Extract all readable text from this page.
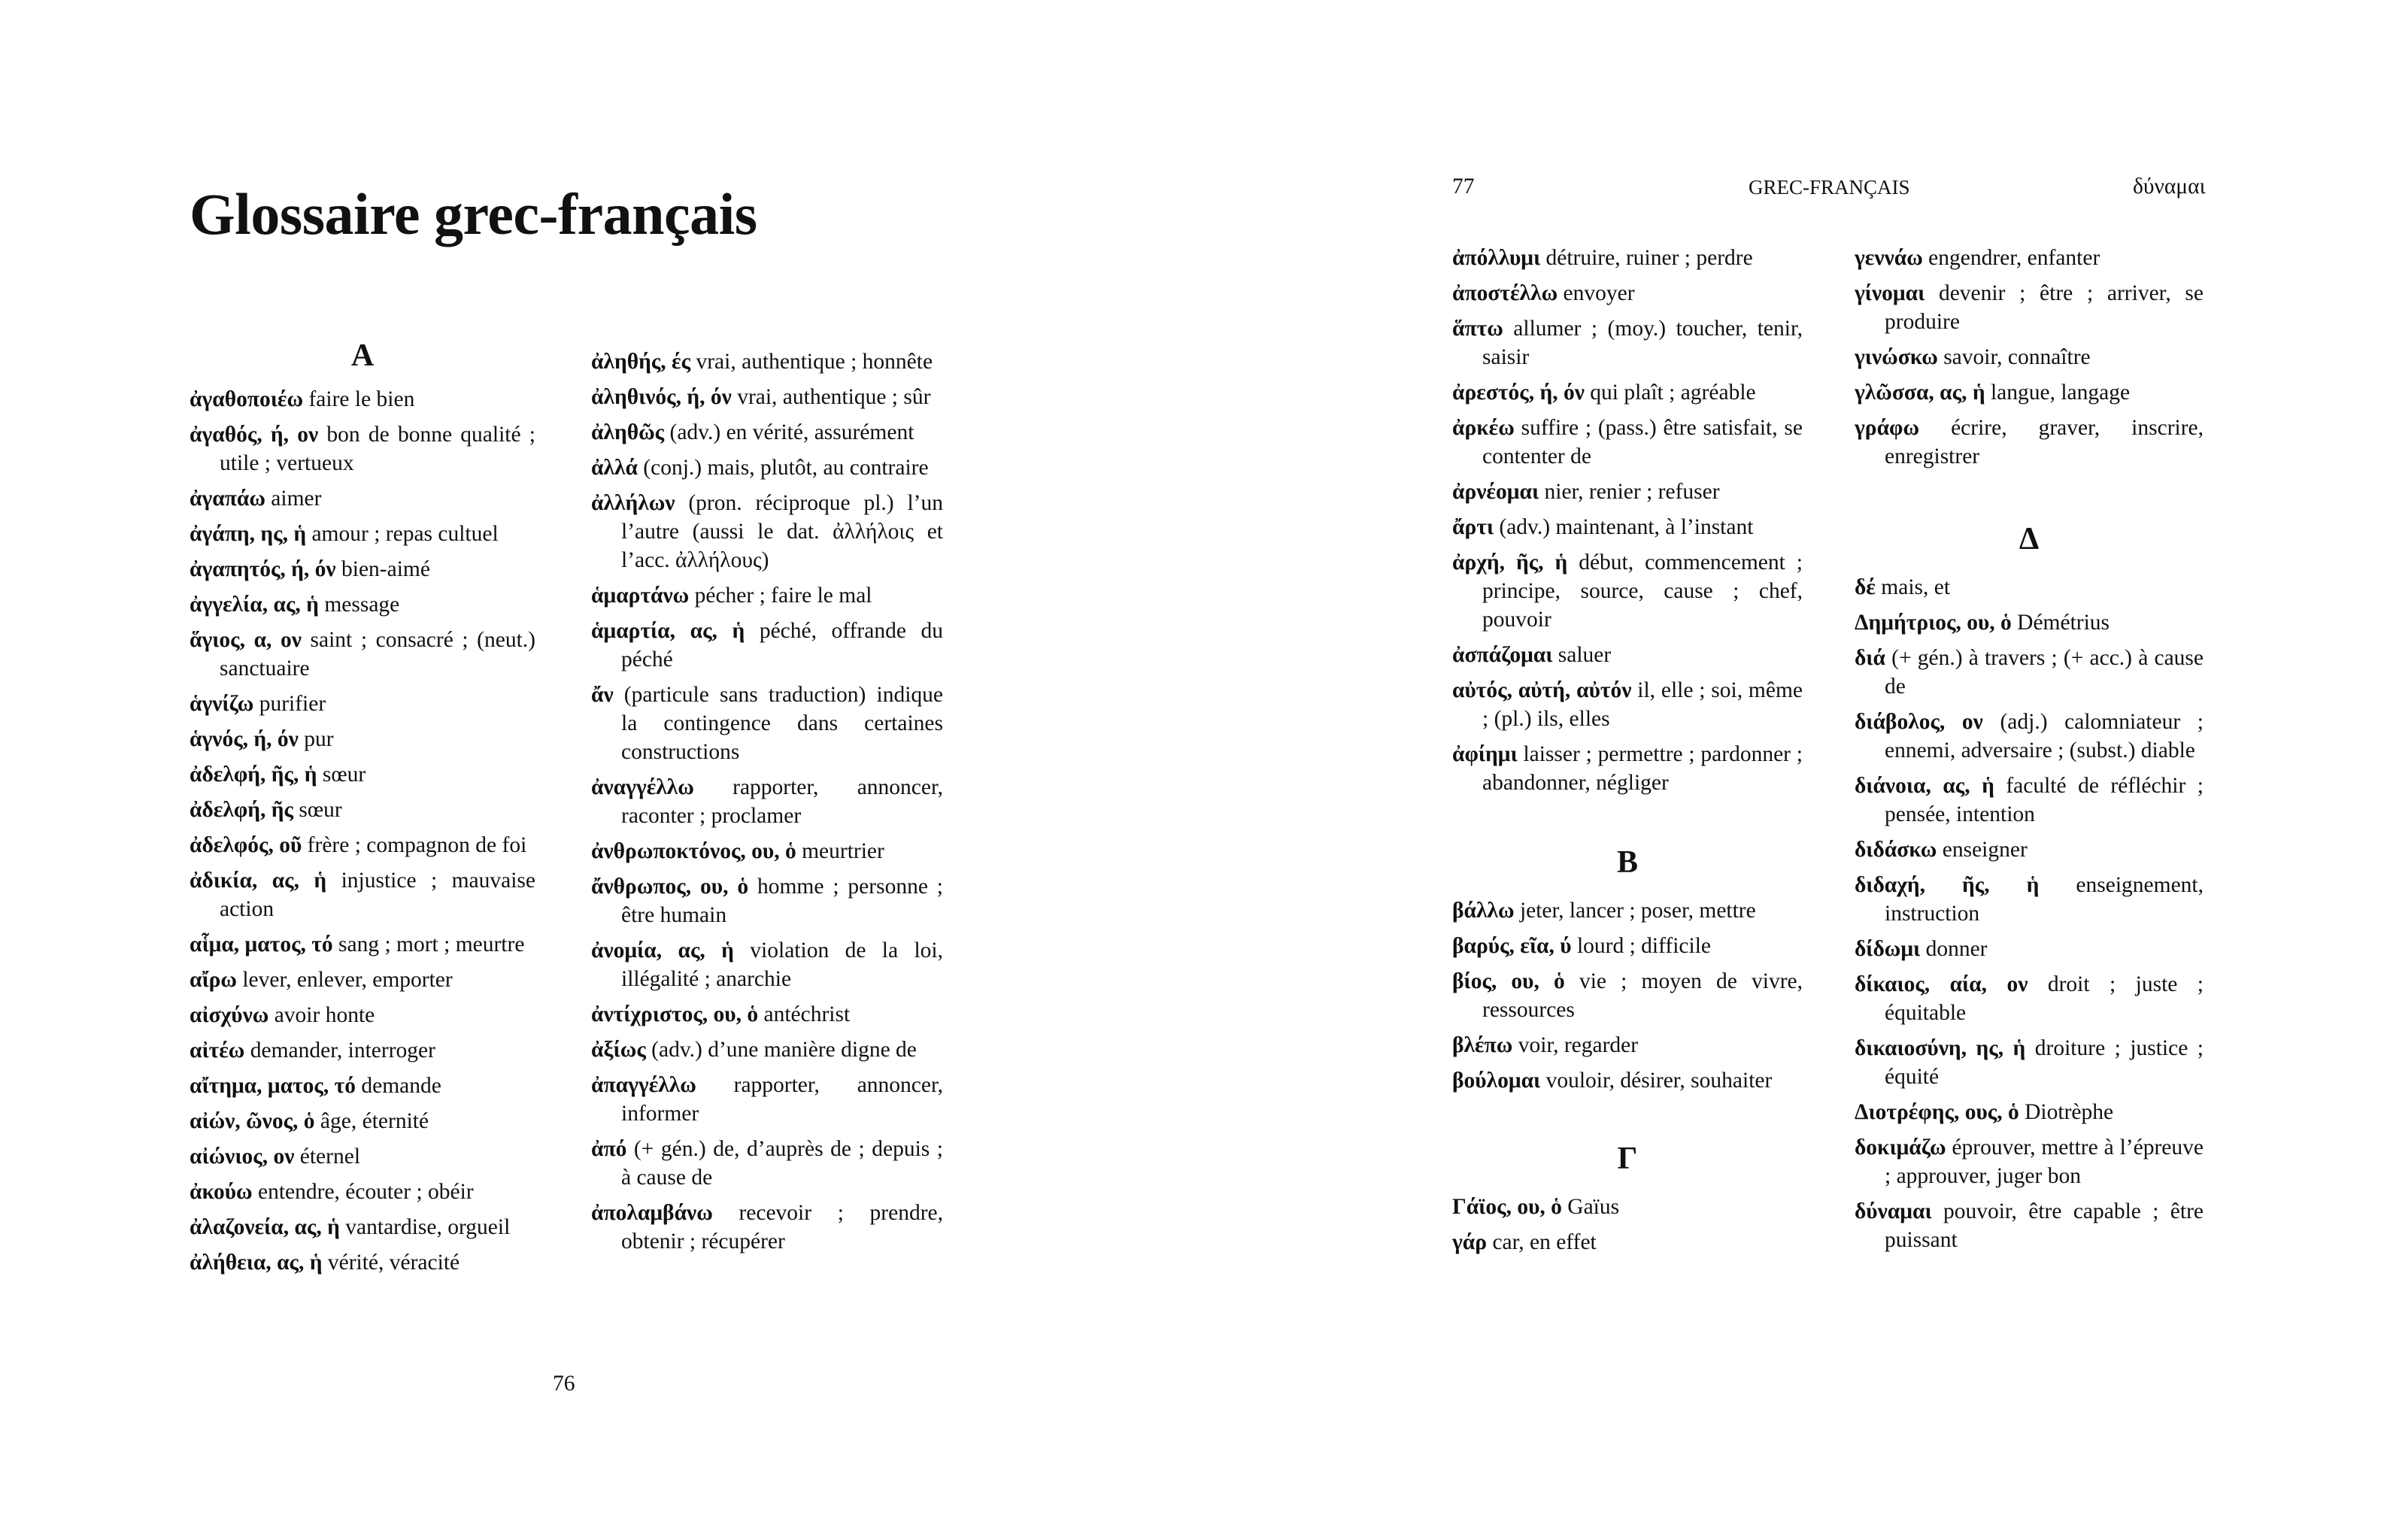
Glossaire grec-français

A

ἀγαθοποιέω faire le bien

ἀγαθός, ή, ον bon de bonne qualité ; utile ; vertueux

ἀγαπάω aimer

ἀγάπη, ης, ἡ amour ; repas cultuel

ἀγαπητός, ή, όν bien-aimé

ἀγγελία, ας, ἡ message

ἅγιος, α, ον saint ; consacré ; (neut.) sanctuaire

ἁγνίζω purifier

ἁγνός, ή, όν pur

ἀδελφή, ῆς, ἡ sœur

ἀδελφή, ῆς sœur

ἀδελφός, οῦ frère ; compagnon de foi

ἀδικία, ας, ἡ injustice ; mauvaise action

αἷμα, ματος, τό sang ; mort ; meurtre

αἴρω lever, enlever, emporter

αἰσχύνω avoir honte

αἰτέω demander, interroger

αἴτημα, ματος, τό demande

αἰών, ῶνος, ὁ âge, éternité

αἰώνιος, ον éternel

ἀκούω entendre, écouter ; obéir

ἀλαζονεία, ας, ἡ vantardise, orgueil

ἀλήθεια, ας, ἡ vérité, véracité

ἀληθής, ές vrai, authentique ; honnête

ἀληθινός, ή, όν vrai, authentique ; sûr

ἀληθῶς (adv.) en vérité, assurément

ἀλλά (conj.) mais, plutôt, au contraire

ἀλλήλων (pron. réciproque pl.) l’un l’autre (aussi le dat. ἀλλήλοις et l’acc. ἀλλήλους)

ἁμαρτάνω pécher ; faire le mal

ἁμαρτία, ας, ἡ péché, offrande du péché

ἄν (particule sans traduction) indique la contingence dans certaines constructions

ἀναγγέλλω rapporter, annoncer, raconter ; proclamer

ἀνθρωποκτόνος, ου, ὁ meurtrier

ἄνθρωπος, ου, ὁ homme ; personne ; être humain

ἀνομία, ας, ἡ violation de la loi, illégalité ; anarchie

ἀντίχριστος, ου, ὁ antéchrist

ἀξίως (adv.) d’une manière digne de

ἀπαγγέλλω rapporter, annoncer, informer

ἀπό (+ gén.) de, d’auprès de ; depuis ; à cause de

ἀπολαμβάνω recevoir ; prendre, obtenir ; récupérer

76
77	GREC-FRANÇAIS	δύναμαι

ἀπόλλυμι détruire, ruiner ; perdre

ἀποστέλλω envoyer

ἅπτω allumer ; (moy.) toucher, tenir, saisir

ἀρεστός, ή, όν qui plaît ; agréable

ἀρκέω suffire ; (pass.) être satisfait, se contenter de

ἀρνέομαι nier, renier ; refuser

ἄρτι (adv.) maintenant, à l’instant

ἀρχή, ῆς, ἡ début, commencement ; principe, source, cause ; chef, pouvoir

ἀσπάζομαι saluer

αὐτός, αὐτή, αὐτόν il, elle ; soi, même ; (pl.) ils, elles

ἀφίημι laisser ; permettre ; pardonner ; abandonner, négliger

B

βάλλω jeter, lancer ; poser, mettre

βαρύς, εῖα, ύ lourd ; difficile

βίος, ου, ὁ vie ; moyen de vivre, ressources

βλέπω voir, regarder

βούλομαι vouloir, désirer, souhaiter

Γ

Γάϊος, ου, ὁ Gaïus

γάρ car, en effet

γεννάω engendrer, enfanter

γίνομαι devenir ; être ; arriver, se produire

γινώσκω savoir, connaître

γλῶσσα, ας, ἡ langue, langage

γράφω écrire, graver, inscrire, enregistrer

Δ

δέ mais, et

Δημήτριος, ου, ὁ Démétrius

διά (+ gén.) à travers ; (+ acc.) à cause de

διάβολος, ον (adj.) calomniateur ; ennemi, adversaire ; (subst.) diable

διάνοια, ας, ἡ faculté de réfléchir ; pensée, intention

διδάσκω enseigner

διδαχή, ῆς, ἡ enseignement, instruction

δίδωμι donner

δίκαιος, αία, ον droit ; juste ; équitable

δικαιοσύνη, ης, ἡ droiture ; justice ; équité

Διοτρέφης, ους, ὁ Diotrèphe

δοκιμάζω éprouver, mettre à l’épreuve ; approuver, juger bon

δύναμαι pouvoir, être capable ; être puissant
